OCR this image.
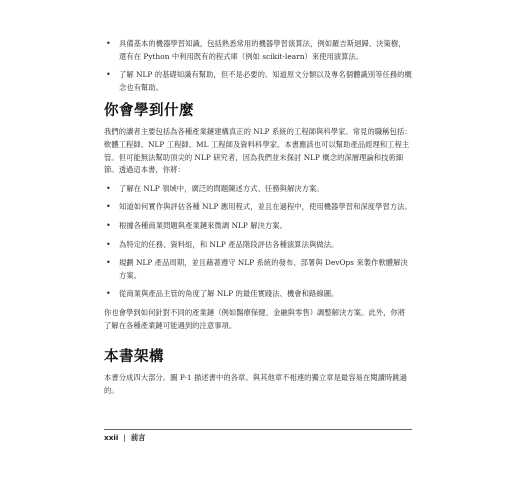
• 具備基本的機器學習知識，包括熟悉常用的機器學習演算法，例如羅吉斯迴歸、決策樹，還有在 Python 中利用既有的程式庫（例如 scikit-learn）來使用演算法。
• 了解 NLP 的基礎知識有幫助，但不是必要的。知道原文分類以及專名個體識別等任務的概念也有幫助。
你會學到什麼

我們的讀者主要包括為各種產業鏈建構真正的 NLP 系統的工程師與科學家。常見的職稱包括：軟體工程師、NLP 工程師、ML 工程師及資料科學家。本書應該也可以幫助產品經理和工程主管。但可能無法幫助頂尖的 NLP 研究者，因為我們並未探討 NLP 概念的深層理論和技術細節。透過這本書，你將：

• 了解在 NLP 領域中，廣泛的問題陳述方式、任務與解決方案。
• 知道如何實作與評估各種 NLP 應用程式，並且在過程中，使用機器學習和深度學習方法。
• 根據各種商業問題與產業鏈來微調 NLP 解決方案。
• 為特定的任務、資料組，和 NLP 產品階段評估各種演算法與做法。
• 規劃 NLP 產品周期，並且藉著遵守 NLP 系統的發布、部署與 DevOps 來製作軟體解決方案。
• 從商業與產品主管的角度了解 NLP 的最佳實踐法、機會和路線圖。

你也會學到如何針對不同的產業鏈（例如醫療保健、金融與零售）調整解決方案。此外，你將了解在各種產業鏈可能遇到的注意事項。

本書架構

本書分成四大部分。圖 P-1 描述書中的各章。與其他章不相連的獨立章是最容易在閱讀時跳過的。

xxii | 前言
